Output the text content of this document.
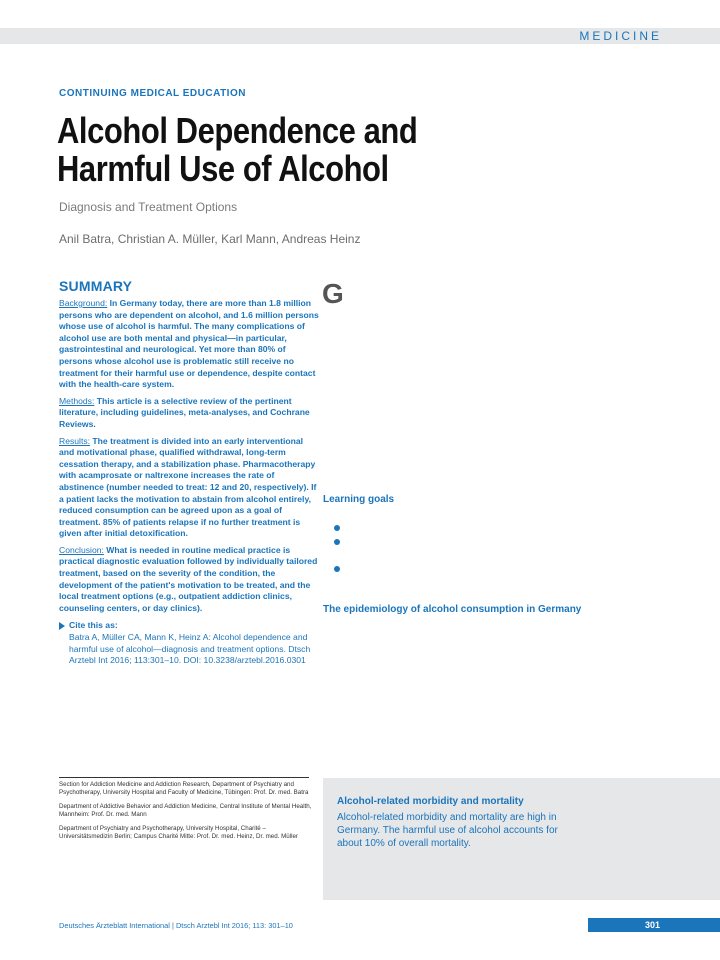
MEDICINE
CONTINUING MEDICAL EDUCATION
Alcohol Dependence and Harmful Use of Alcohol
Diagnosis and Treatment Options
Anil Batra, Christian A. Müller, Karl Mann, Andreas Heinz
SUMMARY

Background: In Germany today, there are more than 1.8 million persons who are dependent on alcohol, and 1.6 million persons whose use of alcohol is harmful. The many complications of alcohol use are both mental and physical—in particular, gastrointestinal and neurological. Yet more than 80% of persons whose alcohol use is problematic still receive no treatment for their harmful use or dependence, despite contact with the health-care system.

Methods: This article is a selective review of the pertinent literature, including guidelines, meta-analyses, and Cochrane Reviews.

Results: The treatment is divided into an early interventional and motivational phase, qualified withdrawal, long-term cessation therapy, and a stabilization phase. Pharmacotherapy with acamprosate or naltrexone increases the rate of abstinence (number needed to treat: 12 and 20, respectively). If a patient lacks the motivation to abstain from alcohol entirely, reduced consumption can be agreed upon as a goal of treatment. 85% of patients relapse if no further treatment is given after initial detoxification.

Conclusion: What is needed in routine medical practice is practical diagnostic evaluation followed by individually tailored treatment, based on the severity of the condition, the development of the patient's motivation to be treated, and the local treatment options (e.g., outpatient addiction clinics, counseling centers, or day clinics).

Cite this as:
Batra A, Müller CA, Mann K, Heinz A: Alcohol dependence and harmful use of alcohol—diagnosis and treatment options. Dtsch Arztebl Int 2016; 113:301–10. DOI: 10.3238/arztebl.2016.0301
G
Learning goals
The epidemiology of alcohol consumption in Germany

Section for Addiction Medicine and Addiction Research, Department of Psychiatry and Psychotherapy, University Hospital and Faculty of Medicine, Tübingen: Prof. Dr. med. Batra

Department of Addictive Behavior and Addiction Medicine, Central Institute of Mental Health, Mannheim: Prof. Dr. med. Mann

Department of Psychiatry and Psychotherapy, University Hospital, Charité – Universitätsmedizin Berlin; Campus Charité Mitte: Prof. Dr. med. Heinz, Dr. med. Müller

Alcohol-related morbidity and mortality

Alcohol-related morbidity and mortality are high in Germany. The harmful use of alcohol accounts for about 10% of overall mortality.

Deutsches Ärzteblatt International | Dtsch Arztebl Int 2016; 113: 301–10	301
